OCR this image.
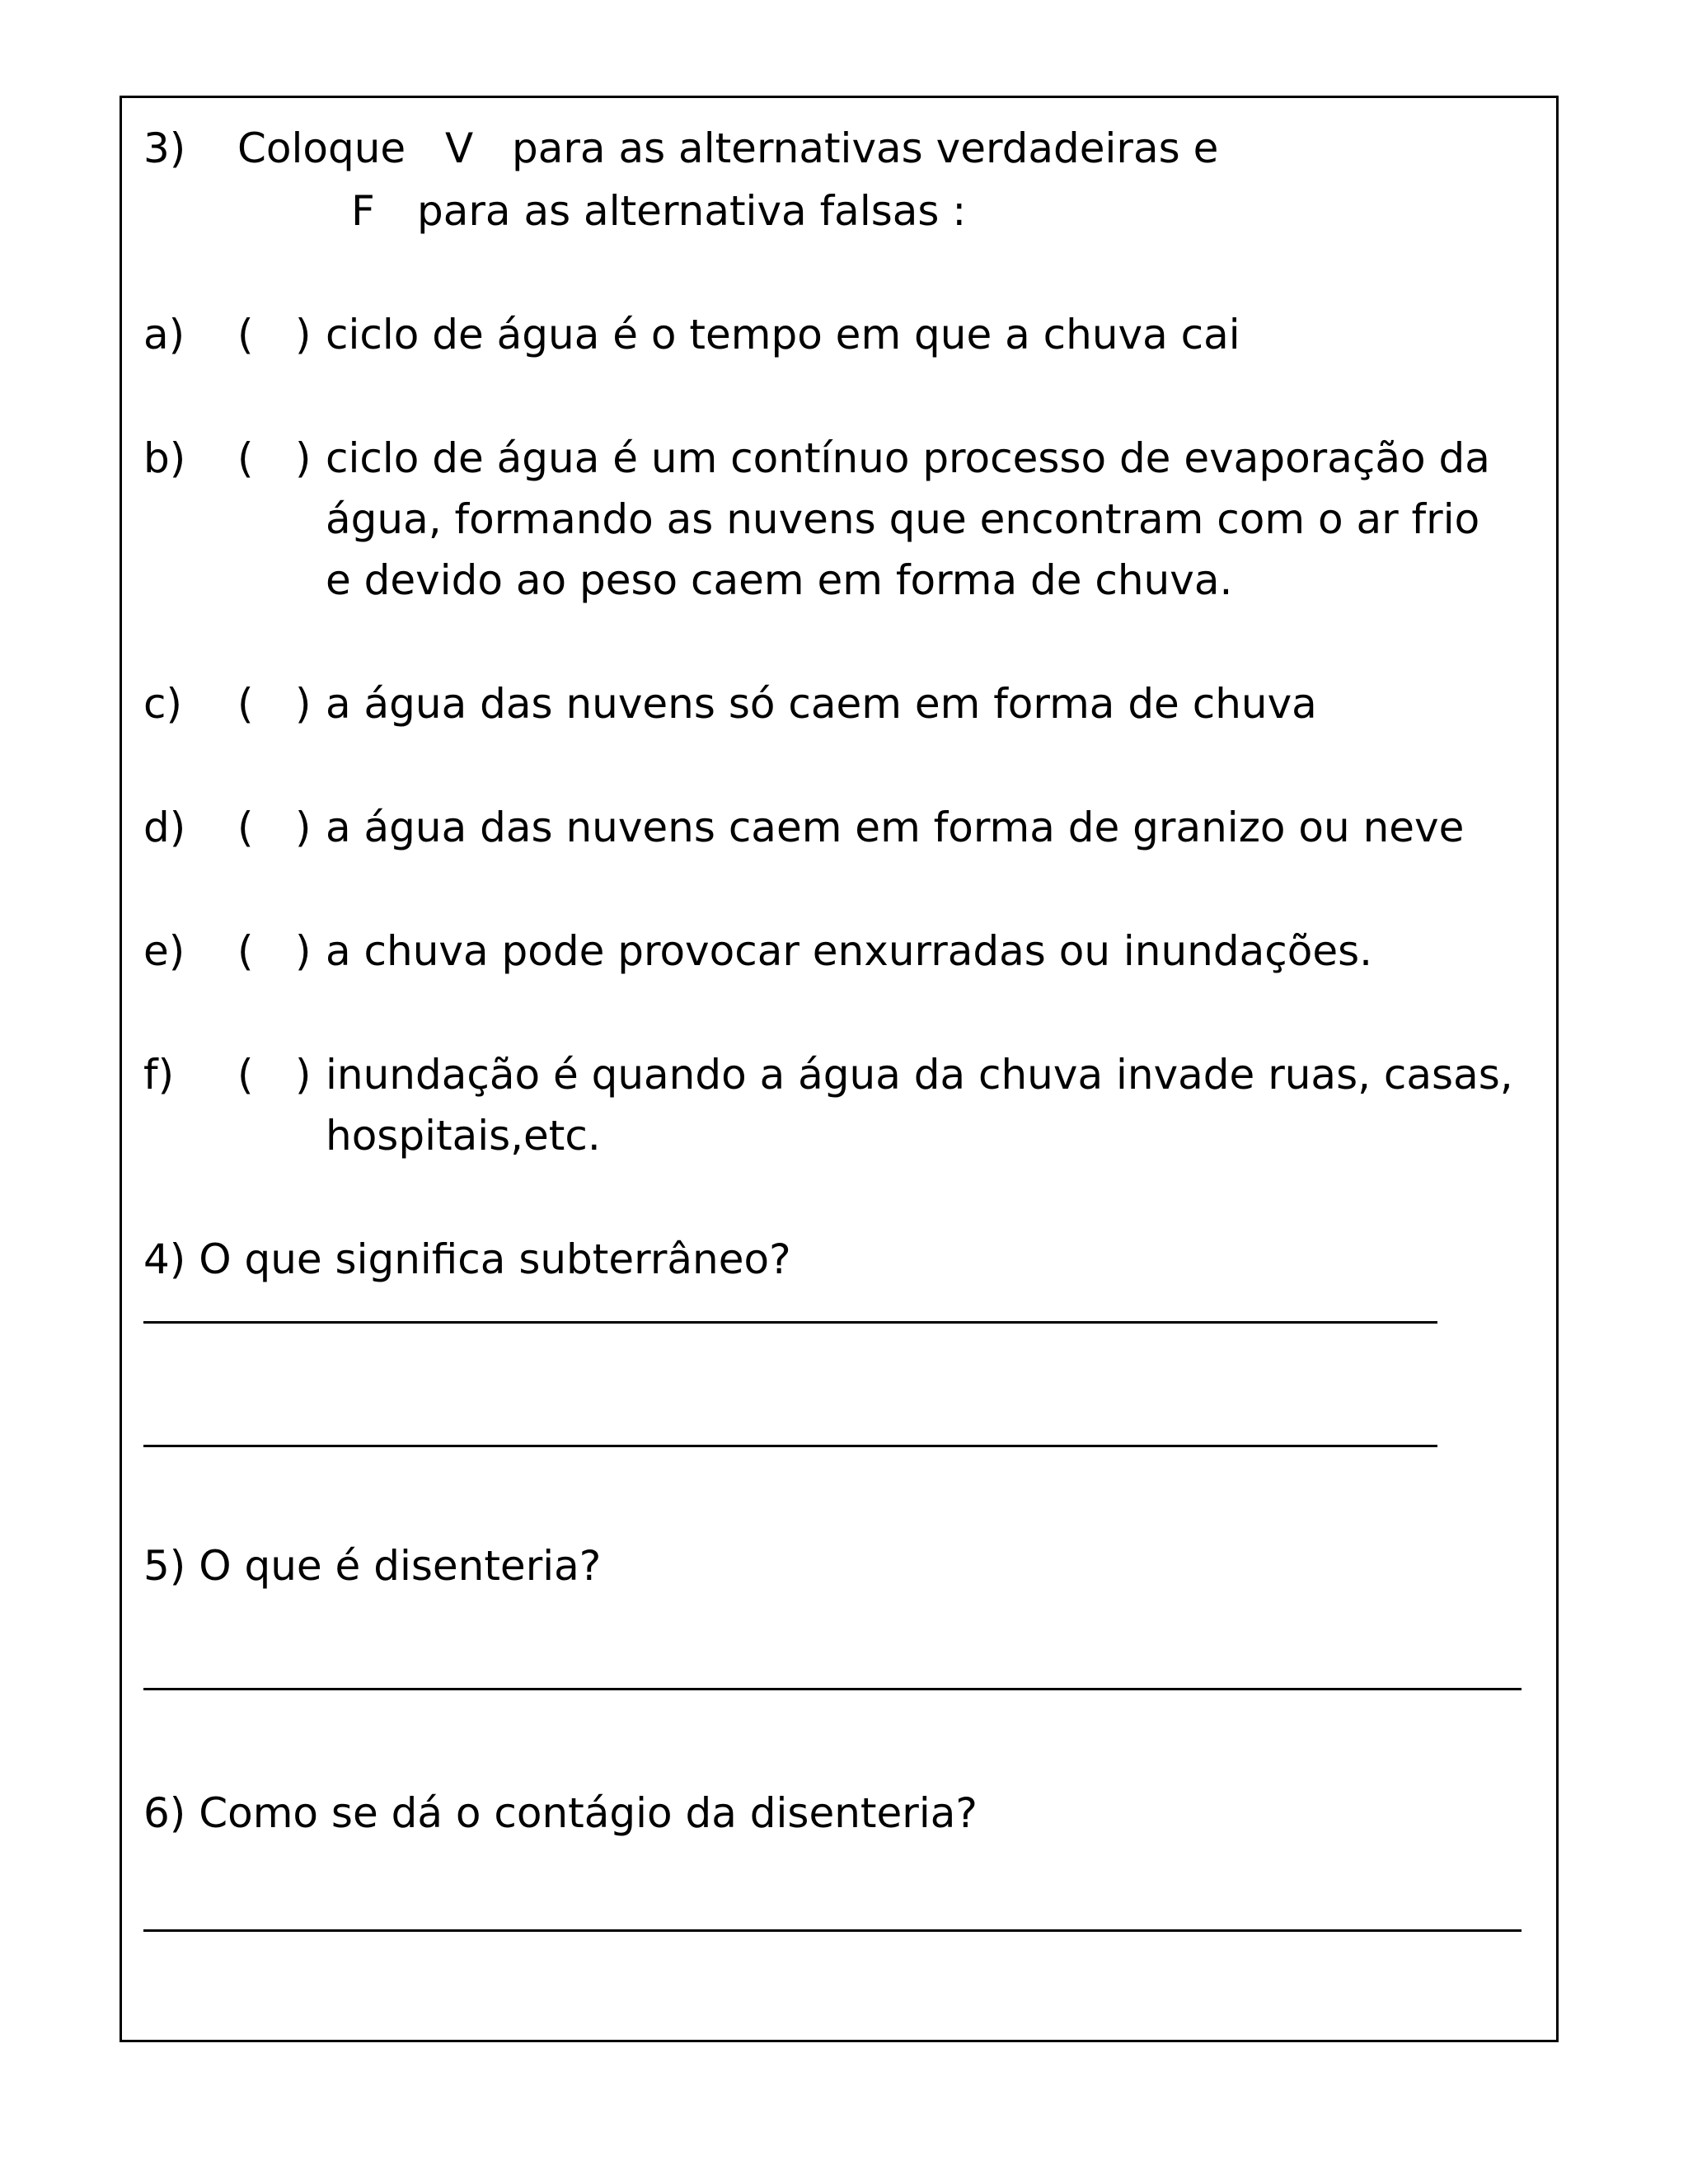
3) Coloque V para as alternativas verdadeiras e
F para as alternativa falsas :
a) ( ) ciclo de água é o tempo em que a chuva cai
b) ( ) ciclo de água é um contínuo processo de evaporação da
água, formando as nuvens que encontram com o ar frio
e devido ao peso caem em forma de chuva.
c) ( ) a água das nuvens só caem em forma de chuva
d) ( ) a água das nuvens caem em forma de granizo ou neve
e) ( ) a chuva pode provocar enxurradas ou inundações.
f) ( ) inundação é quando a água da chuva invade ruas, casas,
hospitais,etc.
4) O que significa subterrâneo?
5) O que é disenteria?
6) Como se dá o contágio da disenteria?
